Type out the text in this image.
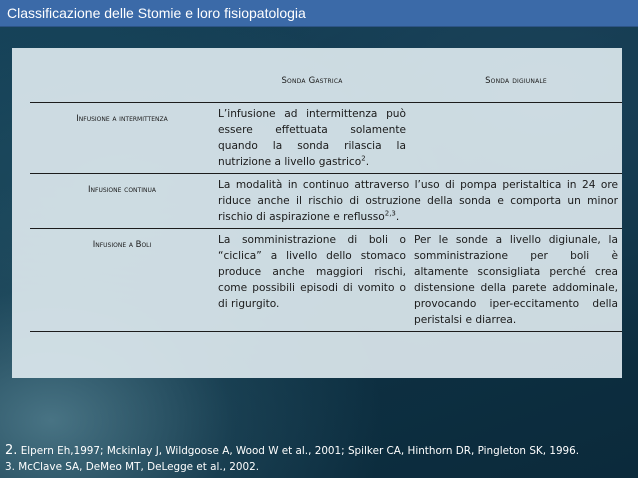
Classificazione delle Stomie e loro fisiopatologia
	Sonda Gastrica	Sonda digiunale
Infusione a intermittenza	L’infusione ad intermittenza può essere effettuata solamente quando la sonda rilascia la nutrizione a livello gastrico$^2$.	
Infusione continua	La modalità in continuo attraverso l’uso di pompa peristaltica in 24 ore riduce anche il rischio di ostruzione della sonda e comporta un minor rischio di aspirazione e reflusso$^{2,3}$.	
Infusione a Boli	La somministrazione di boli o “ciclica” a livello dello stomaco produce anche maggiori rischi, come possibili episodi di vomito o di rigurgito.	Per le sonde a livello digiunale, la somministrazione per boli è altamente sconsigliata perché crea distensione della parete addominale, provocando iper-eccitamento della peristalsi e diarrea.
2. Elpern Eh,1997; Mckinlay J, Wildgoose A, Wood W et al., 2001; Spilker CA, Hinthorn DR, Pingleton SK, 1996.
3. McClave SA, DeMeo MT, DeLegge et al., 2002.
